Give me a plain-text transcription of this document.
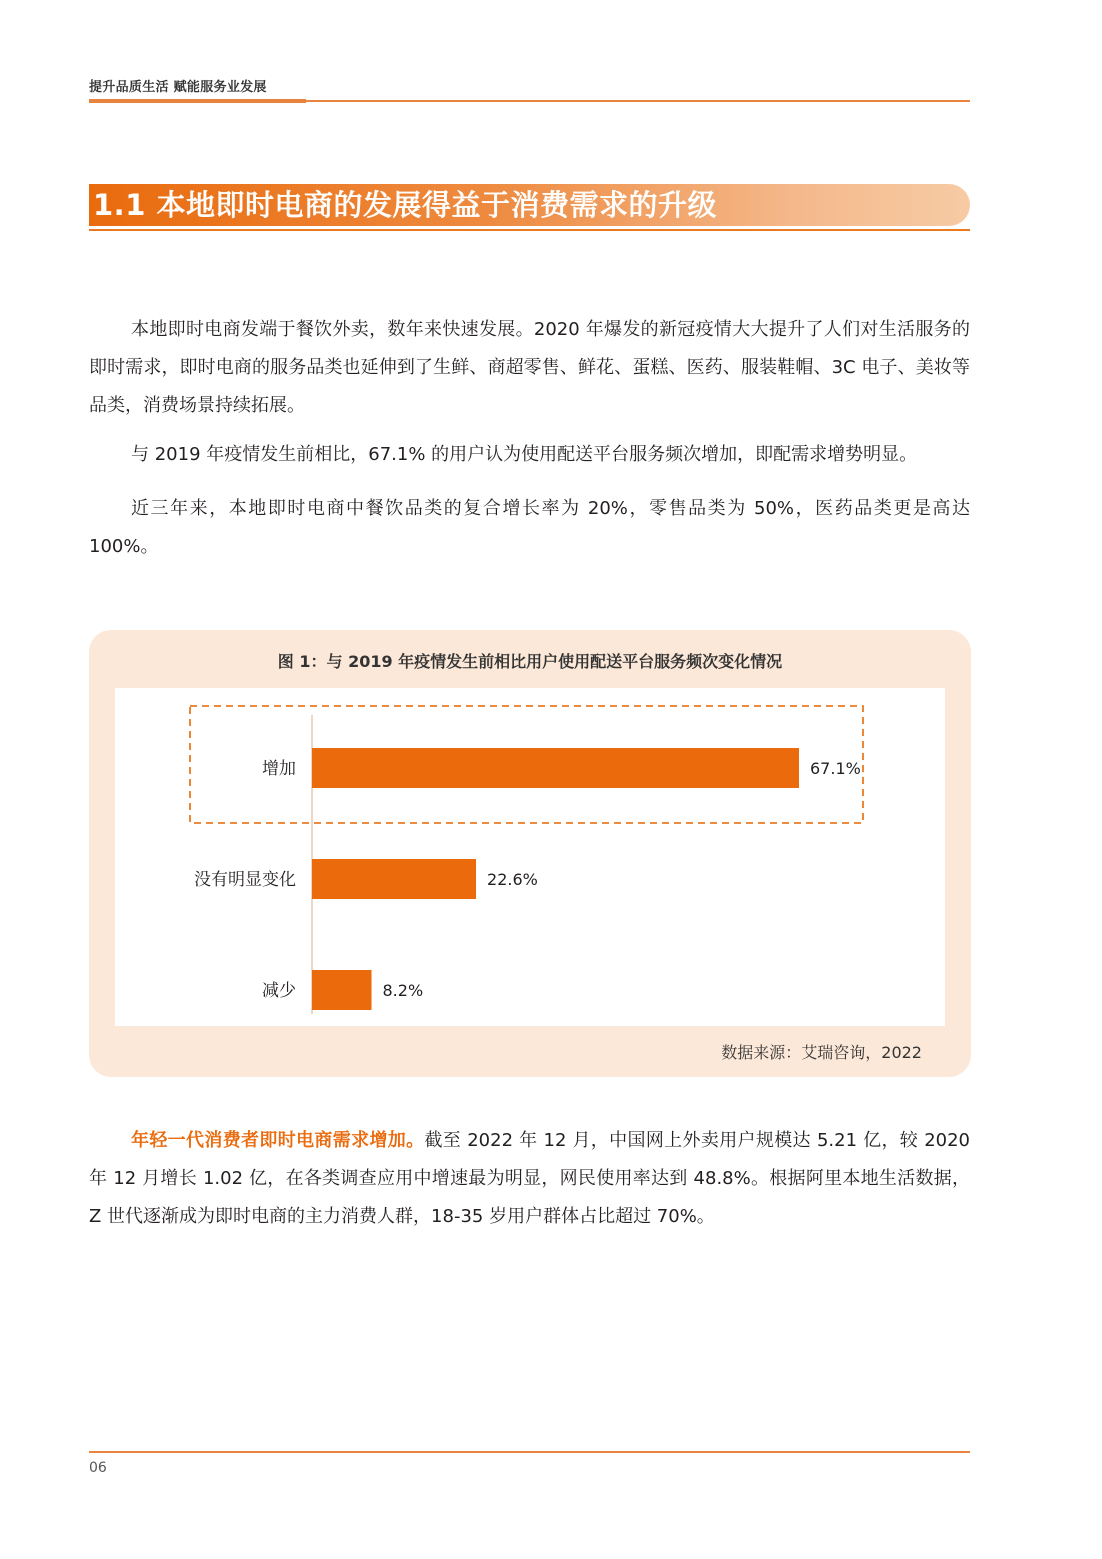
提升品质生活 赋能服务业发展
1.1 本地即时电商的发展得益于消费需求的升级

本地即时电商发端于餐饮外卖，数年来快速发展。2020 年爆发的新冠疫情大大提升了人们对生活服务的即时需求，即时电商的服务品类也延伸到了生鲜、商超零售、鲜花、蛋糕、医药、服装鞋帽、3C 电子、美妆等品类，消费场景持续拓展。

与 2019 年疫情发生前相比，67.1% 的用户认为使用配送平台服务频次增加，即配需求增势明显。

近三年来，本地即时电商中餐饮品类的复合增长率为 20%，零售品类为 50%，医药品类更是高达 100%。

图 1：与 2019 年疫情发生前相比用户使用配送平台服务频次变化情况
增加	67.1%
没有明显变化	22.6%
减少	8.2%
数据来源：艾瑞咨询，2022

年轻一代消费者即时电商需求增加。截至 2022 年 12 月，中国网上外卖用户规模达 5.21 亿，较 2020 年 12 月增长 1.02 亿，在各类调查应用中增速最为明显，网民使用率达到 48.8%。根据阿里本地生活数据，Z 世代逐渐成为即时电商的主力消费人群，18-35 岁用户群体占比超过 70%。

06
